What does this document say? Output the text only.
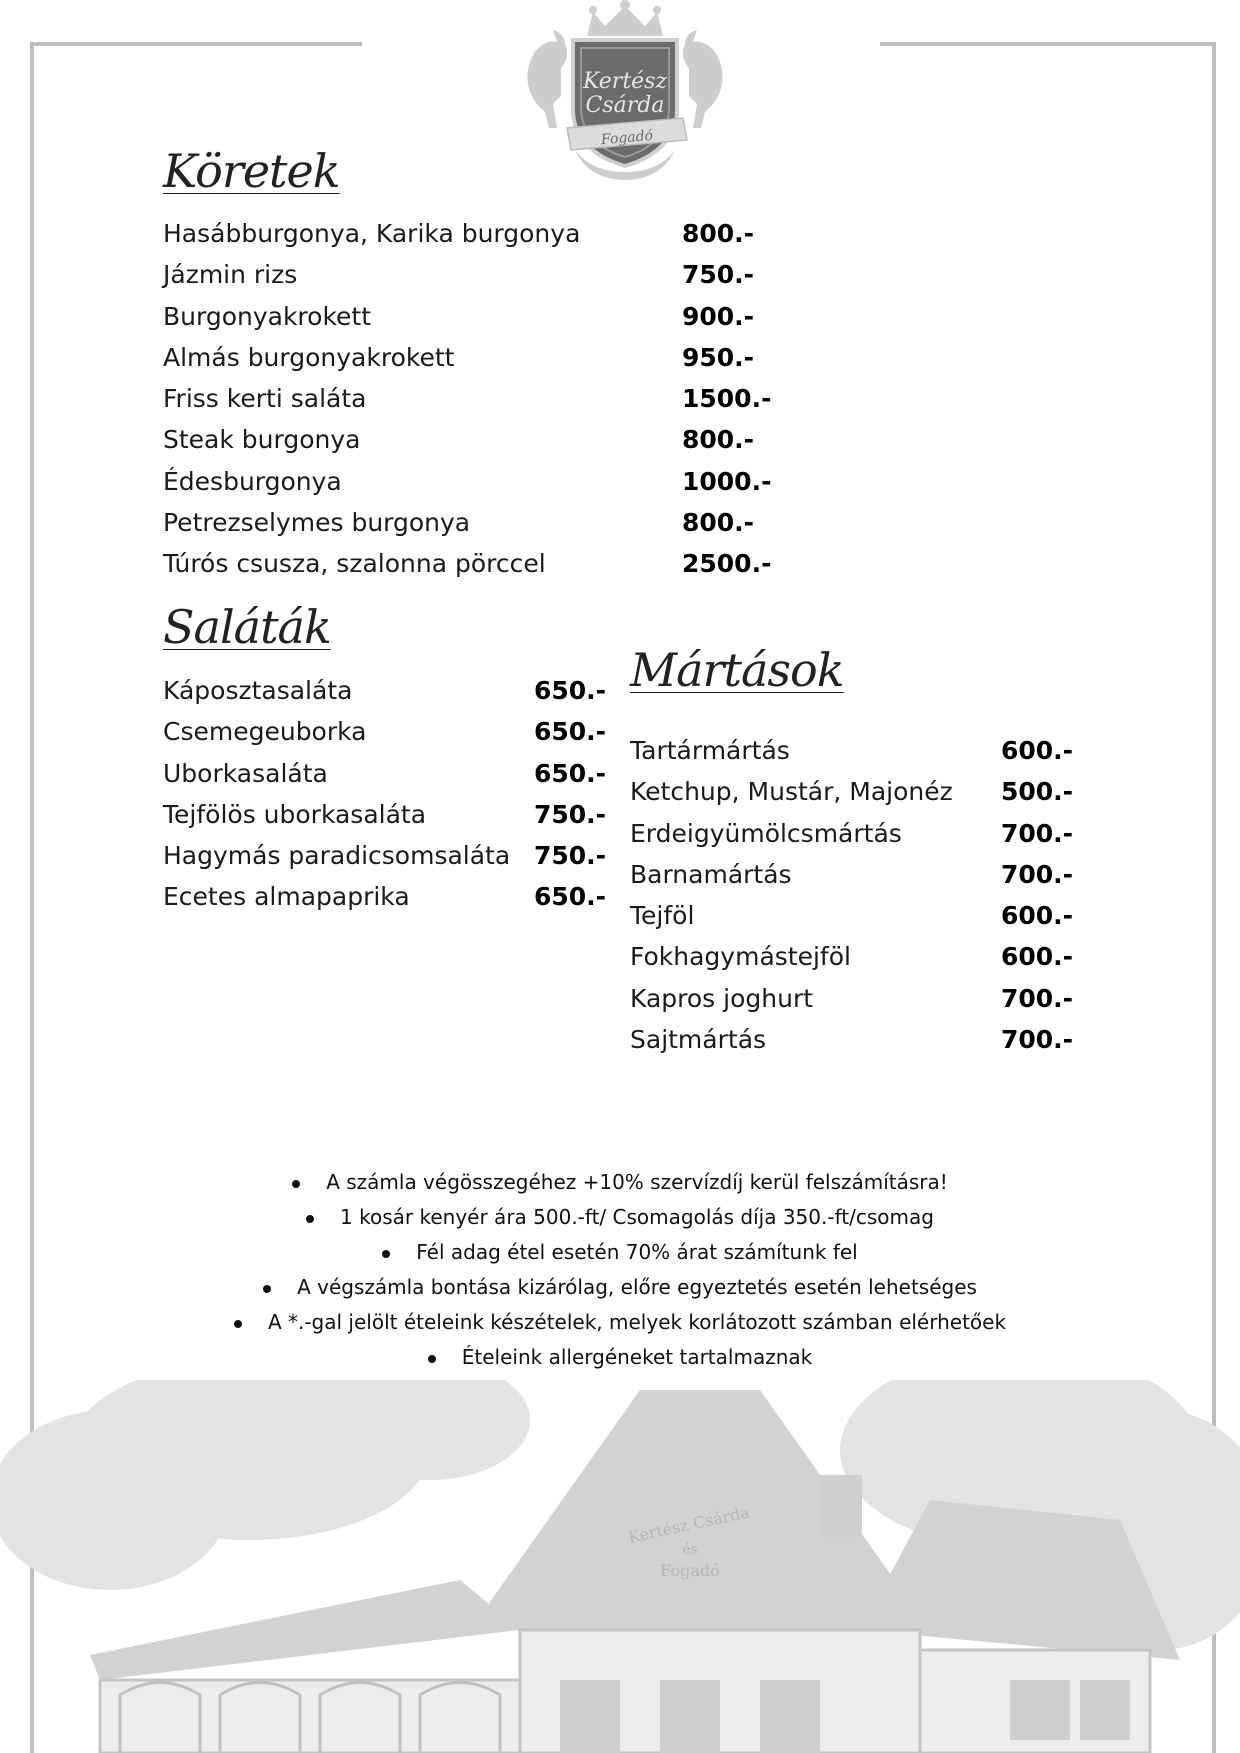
Kertész
Csárda
Fogadó
Köretek
Hasábburgonya, Karika burgonya	800.-
Jázmin rizs	750.-
Burgonyakrokett	900.-
Almás burgonyakrokett	950.-
Friss kerti saláta	1500.-
Steak burgonya	800.-
Édesburgonya	1000.-
Petrezselymes burgonya	800.-
Túrós csusza, szalonna pörccel	2500.-
Saláták
Káposztasaláta	650.-
Csemegeuborka	650.-
Uborkasaláta	650.-
Tejfölös uborkasaláta	750.-
Hagymás paradicsomsaláta 750.-
Ecetes almapaprika	650.-
Mártások
Tartármártás	600.-
Ketchup, Mustár, Majonéz 500.-
Erdeigyümölcsmártás	700.-
Barnamártás	700.-
Tejföl	600.-
Fokhagymástejföl	600.-
Kapros joghurt	700.-
Sajtmártás	700.-
A számla végösszegéhez +10% szervízdíj kerül felszámításra!
1 kosár kenyér ára 500.-ft/ Csomagolás díja 350.-ft/csomag
Fél adag étel esetén 70% árat számítunk fel
A végszámla bontása kizárólag, előre egyeztetés esetén lehetséges
A *.-gal jelölt ételeink készételek, melyek korlátozott számban elérhetőek
Ételeink allergéneket tartalmaznak
Kertész Csárda
és
Fogadó
